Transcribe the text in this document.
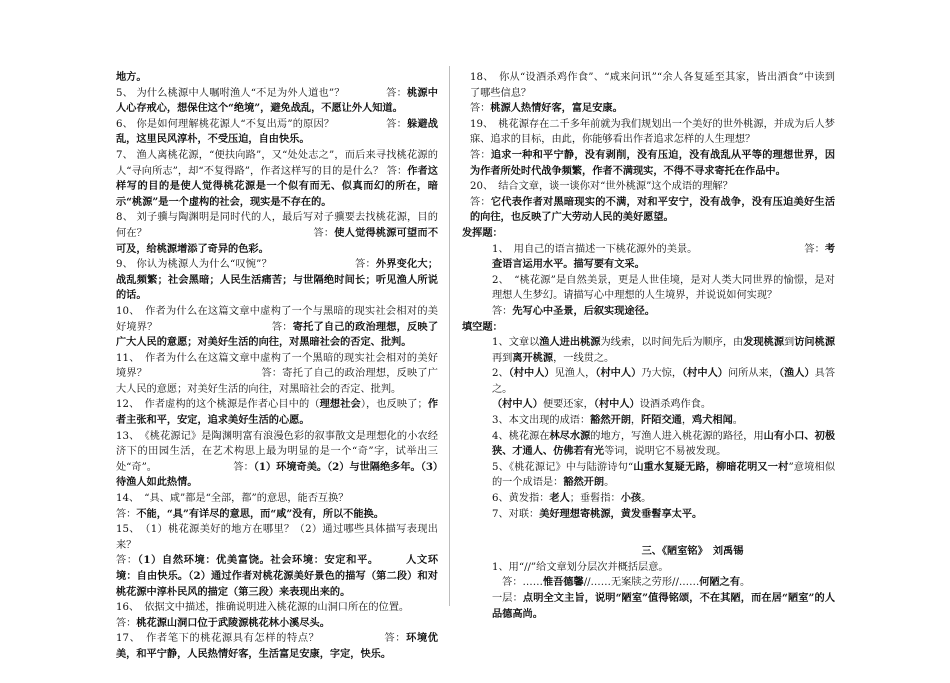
地方。

5、 为什么桃源中人嘱咐渔人“不足为外人道也”？　　　　答：桃源中人心存戒心，想保住这个“绝境”，避免战乱，不愿让外人知道。

6、 你是如何理解桃花源人“不复出焉”的原因？　　　　　答：躲避战乱，这里民风淳朴，不受压迫，自由快乐。

7、 渔人离桃花源，“便扶向路”，又“处处志之”，而后来寻找桃花源的人“寻向所志”，却“不复得路”，作者这样写的目的是什么？ 答：作者这样写的目的是使人觉得桃花源是一个似有而无、似真而幻的所在，暗示“桃源”是一个虚构的社会，现实是不存在的。

8、 刘子骥与陶渊明是同时代的人，最后写对子骥要去找桃花源，目的何在？　　　　　　　　　　　　　　　　答：使人觉得桃源可望而不可及，给桃源增添了奇异的色彩。

9、 你认为桃源人为什么“叹惋”？　　　　　　　　答：外界变化大；战乱频繁；社会黑暗；人民生活痛苦；与世隔绝时间长；听见渔人所说的话。

10、　作者为什么在这篇文章中虚构了一个与黑暗的现实社会相对的美好境界？　　　　　　　　　　　答：寄托了自己的政治理想，反映了广大人民的意愿；对美好生活的向往，对黑暗社会的否定、批判。

11、　作者为什么在这篇文章中虚构了一个黑暗的现实社会相对的美好境界？　　　　　　　　　　　答：寄托了自己的政治理想，反映了广大人民的意愿；对美好生活的向往，对黑暗社会的否定、批判。

12、　作者虚构的这个桃源是作者心目中的（理想社会），也反映了；作者主张和平，安定，追求美好生活的心愿。

13、　《桃花源记》是陶渊明富有浪漫色彩的叙事散文是理想化的小农经济下的田园生活，在艺术构思上最为明显的是一个“奇”字，试举出三处“奇”。　　　　　　　　答：（1）环境奇美。（2）与世隔绝多年。（3）待渔人如此热情。

14、　“具、咸”都是“全部，都”的意思，能否互换？

答：不能，“具”有详尽的意思，而“咸”没有，所以不能换。

15、　（1）桃花源美好的地方在哪里？（2）通过哪些具体描写表现出来？

答：（1）自然环境：优美富饶。社会环境：安定和平。　　　人文环境：自由快乐。（2）通过作者对桃花源美好景色的描写（第二段）和对桃花源中淳朴民风的描定（第三段）来表现出来的。

16、　依据文中描述，推确说明进入桃花源的山洞口所在的位置。

答：桃花源山洞口位于武陵源桃花林小溪尽头。

17、　作者笔下的桃花源具有怎样的特点？　　　　　　答：环境优美，和平宁静，人民热情好客，生活富足安康，字定，快乐。

18、　你从“设酒杀鸡作食”、“咸来问讯”“余人各复延至其家，皆出酒食”中读到了哪些信息？

答：桃源人热情好客，富足安康。

19、　桃花源存在二千多年前就为我们规划出一个美好的世外桃源，并成为后人梦寐、追求的目标，由此，你能够看出作者追求怎样的人生理想？

答：追求一种和平宁静，没有剥削，没有压迫，没有战乱从平等的理想世界，因为作者所处时代战争频繁，作者不满现实，不得不寻求寄托在作品中。

20、　结合文章，谈一谈你对“世外桃源”这个成语的理解？

答：它代表作者对黑暗现实的不满，对和平安宁，没有战争，没有压迫美好生活的向往，也反映了广大劳动人民的美好愿望。

发挥题：

1、　用自己的语言描述一下桃花源外的美景。　　　　　　　　　　　答：考查语言运用水平。描写要有文采。

2、　“桃花源”是自然美景，更是人世佳境，是对人类大同世界的愉憬，是对理想人生梦幻。请描写心中理想的人生境界，并说说如何实现？

答：先写心中圣景，后叙实现途径。

填空题：

1、文章以渔人进出桃源为线索，以时间先后为顺序，由发现桃源到访问桃源再到离开桃源，一线贯之。

2、（村中人）见渔人，（村中人）乃大惊，（村中人）问所从来，（渔人）具答之。

（村中人）便要还家，（村中人）设酒杀鸡作食。

3、本文出现的成语：豁然开朗，阡陌交通，鸡犬相闻。

4、桃花源在林尽水源的地方，写渔人进入桃花源的路径，用山有小口、初极狭、才通人、仿佛若有光等词，说明它不易被发现。

5、《桃花源记》中与陆游诗句“山重水复疑无路，柳暗花明又一村”意境相似的一个成语是：豁然开朗。

6、黄发指：老人；垂髫指：小孩。

7、对联：美好理想寄桃源，黄发垂髫享太平。

三、《陋室铭》　刘禹锡

1、用“//”给文章划分层次并概括层意。

　答：……惟吾德馨//……无案牍之劳形//……何陋之有。

一层：点明全文主旨，说明“陋室”值得铭颂，不在其陋，而在居“陋室”的人品德高尚。
